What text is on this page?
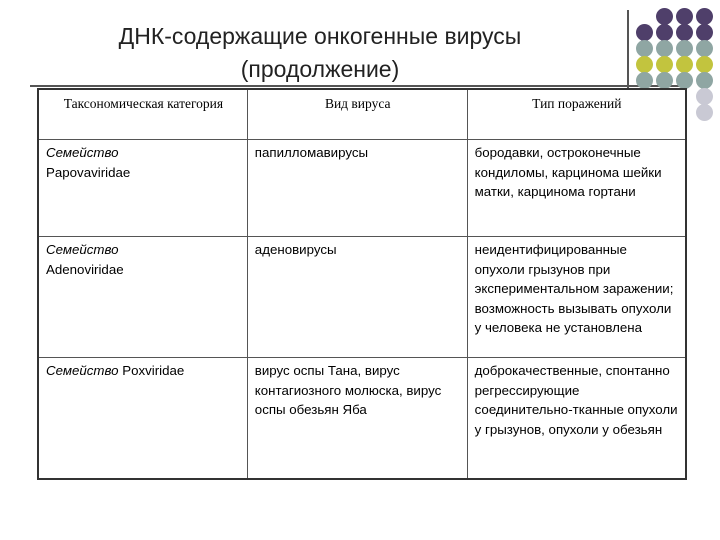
ДНК-содержащие онкогенные вирусы
(продолжение)
Таксономическая категория	Вид вируса	Тип поражений
Семейство
Papovaviridae	папилломавирусы	бородавки, остроконечные кондиломы, карцинома шейки матки, карцинома гортани
Семейство
Adenoviridae	аденовирусы	неидентифицированные опухоли грызунов при экспериментальном заражении; возможность вызывать опухоли у человека не установлена
Семейство Poxviridae	вирус оспы Тана, вирус контагиозного молюска, вирус оспы обезьян Яба	доброкачественные, спонтанно регрессирующие соединительно-тканные опухоли у грызунов, опухоли у обезьян
